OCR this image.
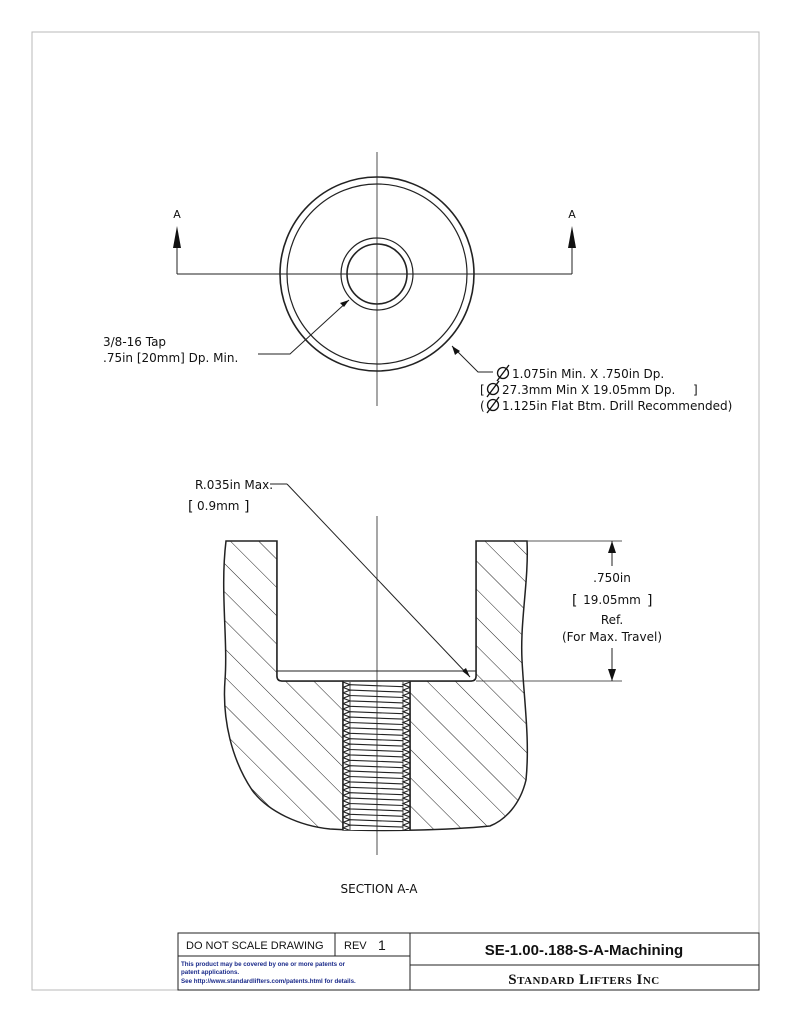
A	A
3/8-16 Tap
.75in [20mm] Dp. Min.
1.075in Min. X .750in Dp.
[ 27.3mm Min X 19.05mm Dp. ]
( 1.125in Flat Btm. Drill Recommended)
R.035in Max.
[ 0.9mm ]
.750in
[ 19.05mm ]
Ref.
(For Max. Travel)
SECTION A-A
DO NOT SCALE DRAWING REV 1
This product may be covered by one or more patents or
patent applications.
See http://www.standardlifters.com/patents.html for details.
SE-1.00-.188-S-A-Machining
Standard Lifters Inc
